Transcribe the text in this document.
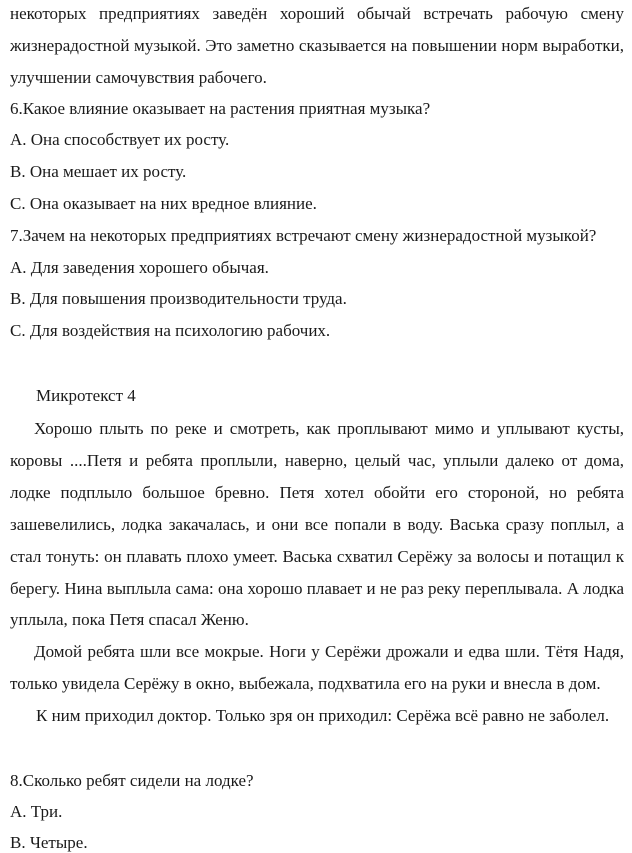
некоторых предприятиях заведён хороший обычай встречать рабочую смену
жизнерадостной музыкой. Это заметно сказывается на повышении норм выработки,
улучшении самочувствия рабочего.
6.Какое влияние оказывает на растения приятная музыка?
А. Она способствует их росту.
В. Она мешает их росту.
С. Она оказывает на них вредное влияние.
7.Зачем на некоторых предприятиях встречают смену жизнерадостной музыкой?
А. Для заведения хорошего обычая.
В. Для повышения производительности труда.
С. Для воздействия на психологию рабочих.
Микротекст 4
Хорошо плыть по реке и смотреть, как проплывают мимо и уплывают кусты,
коровы ....Петя и ребята проплыли, наверно, целый час, уплыли далеко от дома,
лодке подплыло большое бревно. Петя хотел обойти его стороной, но ребята
зашевелились, лодка закачалась, и они все попали в воду. Васька сразу поплыл, а
стал тонуть: он плавать плохо умеет. Васька схватил Серёжу за волосы и потащил к
берегу. Нина выплыла сама: она хорошо плавает и не раз реку переплывала. А лодка
уплыла, пока Петя спасал Женю.
Домой ребята шли все мокрые. Ноги у Серёжи дрожали и едва шли. Тётя Надя,
только увидела Серёжу в окно, выбежала, подхватила его на руки и внесла в дом.
К ним приходил доктор. Только зря он приходил: Серёжа всё равно не заболел.
8.Сколько ребят сидели на лодке?
А. Три.
В. Четыре.
